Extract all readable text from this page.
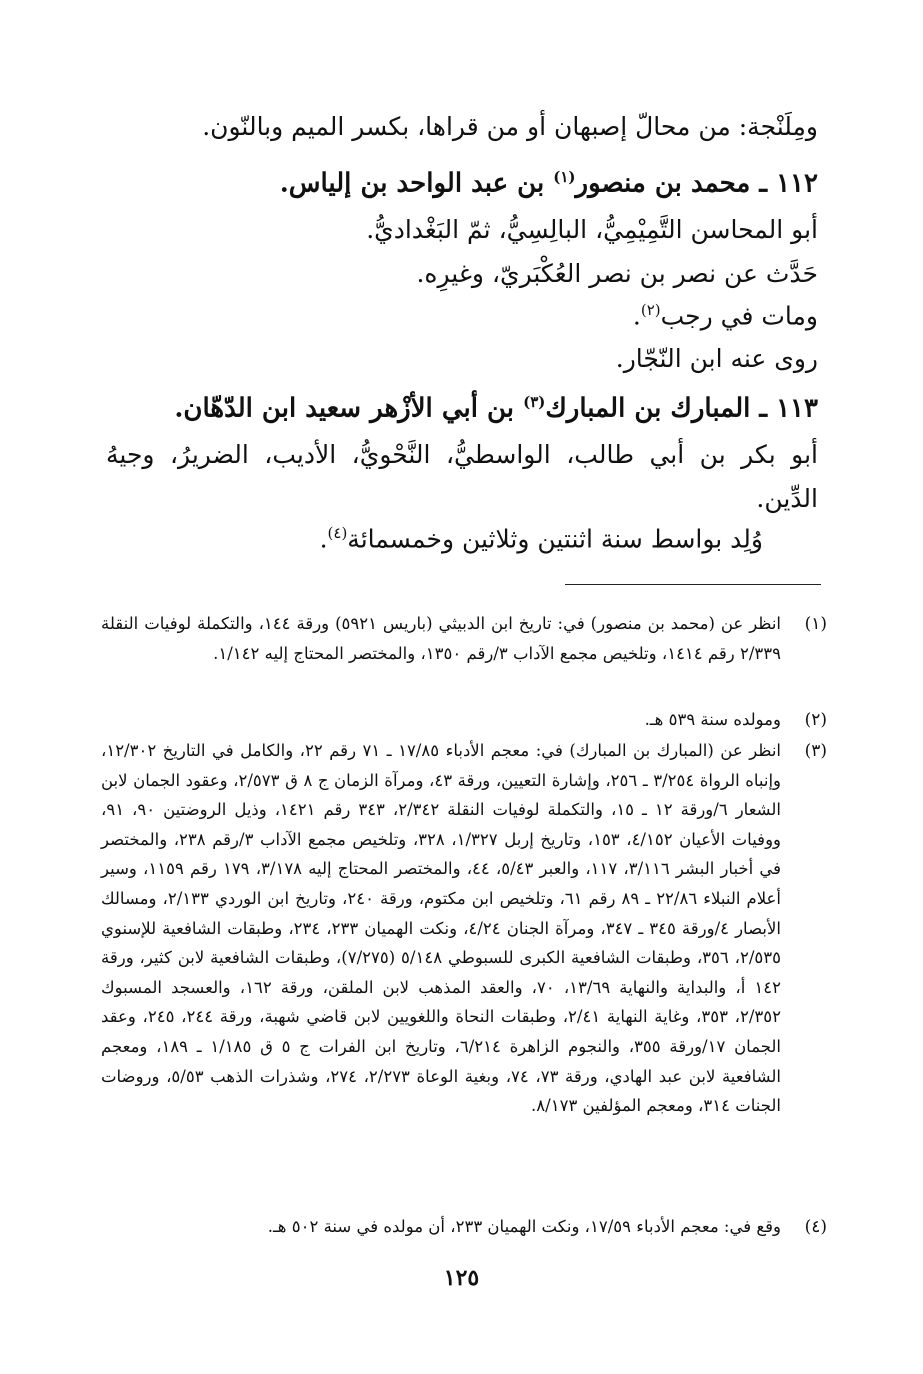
ومِلَنْجة: من محالّ إصبهان أو من قراها، بكسر الميم وبالنّون.
١١٢ ـ محمد بن منصور$^{(١)}$ بن عبد الواحد بن إلياس.
أبو المحاسن التَّمِيْمِيُّ، البالِسِيُّ، ثمّ البَغْداديُّ.
حَدَّث عن نصر بن نصر العُكْبَريّ، وغيرِه.
ومات في رجب$^{(٢)}$.
روى عنه ابن النّجّار.
١١٣ ـ المبارك بن المبارك$^{(٣)}$ بن أبي الأزْهر سعيد ابن الدّهّان.
أبو بكر بن أبي طالب، الواسطيُّ، النَّحْويُّ، الأديب، الضريرُ، وجيهُ
الدِّين.
وُلِد بواسط سنة اثنتين وثلاثين وخمسمائة$^{(٤)}$.
(١)
انظر عن (محمد بن منصور) في: تاريخ ابن الدبيثي (باريس ٥٩٢١) ورقة ١٤٤، والتكملة لوفيات النقلة ٢/٣٣٩ رقم ١٤١٤، وتلخيص مجمع الآداب ٣/رقم ١٣٥٠، والمختصر المحتاج إليه ١/١٤٢.
(٢)
ومولده سنة ٥٣٩ هـ.
(٣)
انظر عن (المبارك بن المبارك) في: معجم الأدباء ١٧/٨٥ ـ ٧١ رقم ٢٢، والكامل في التاريخ ١٢/٣٠٢، وإنباه الرواة ٣/٢٥٤ ـ ٢٥٦، وإشارة التعيين، ورقة ٤٣، ومرآة الزمان ج ٨ ق ٢/٥٧٣، وعقود الجمان لابن الشعار ٦/ورقة ١٢ ـ ١٥، والتكملة لوفيات النقلة ٢/٣٤٢، ٣٤٣ رقم ١٤٢١، وذيل الروضتين ٩٠، ٩١، ووفيات الأعيان ٤/١٥٢، ١٥٣، وتاريخ إربل ١/٣٢٧، ٣٢٨، وتلخيص مجمع الآداب ٣/رقم ٢٣٨، والمختصر في أخبار البشر ٣/١١٦، ١١٧، والعبر ٥/٤٣، ٤٤، والمختصر المحتاج إليه ٣/١٧٨، ١٧٩ رقم ١١٥٩، وسير أعلام النبلاء ٢٢/٨٦ ـ ٨٩ رقم ٦١، وتلخيص ابن مكتوم، ورقة ٢٤٠، وتاريخ ابن الوردي ٢/١٣٣، ومسالك الأبصار ٤/ورقة ٣٤٥ ـ ٣٤٧، ومرآة الجنان ٤/٢٤، ونكت الهميان ٢٣٣، ٢٣٤، وطبقات الشافعية للإسنوي ٢/٥٣٥، ٣٥٦، وطبقات الشافعية الكبرى للسبوطي ٥/١٤٨ (٧/٢٧٥)، وطبقات الشافعية لابن كثير، ورقة ١٤٢ أ، والبداية والنهاية ١٣/٦٩، ٧٠، والعقد المذهب لابن الملقن، ورقة ١٦٢، والعسجد المسبوك ٢/٣٥٢، ٣٥٣، وغاية النهاية ٢/٤١، وطبقات النحاة واللغويين لابن قاضي شهبة، ورقة ٢٤٤، ٢٤٥، وعقد الجمان ١٧/ورقة ٣٥٥، والنجوم الزاهرة ٦/٢١٤، وتاريخ ابن الفرات ج ٥ ق ١/١٨٥ ـ ١٨٩، ومعجم الشافعية لابن عبد الهادي، ورقة ٧٣، ٧٤، وبغية الوعاة ٢/٢٧٣، ٢٧٤، وشذرات الذهب ٥/٥٣، وروضات الجنات ٣١٤، ومعجم المؤلفين ٨/١٧٣.
(٤)
وقع في: معجم الأدباء ١٧/٥٩، ونكت الهميان ٢٣٣، أن مولده في سنة ٥٠٢ هـ.
١٢٥
